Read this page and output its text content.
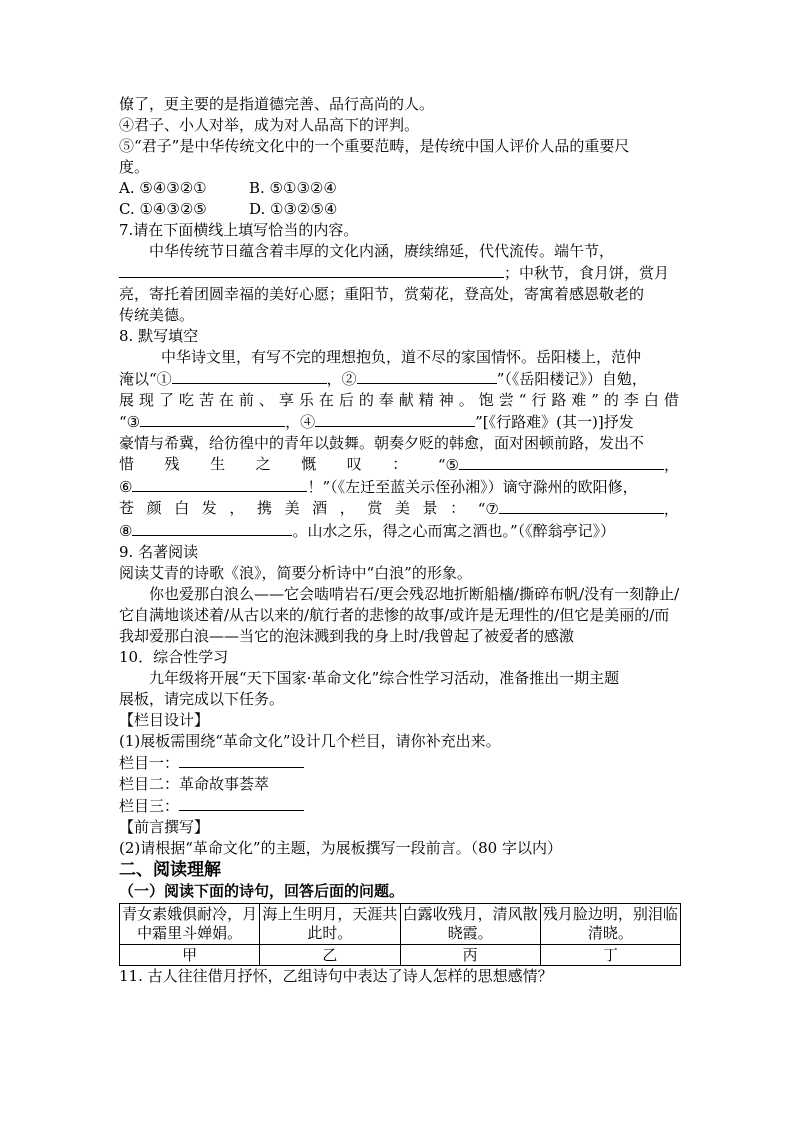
僚了，更主要的是指道德完善、品行高尚的人。
④君子、小人对举，成为对人品高下的评判。
⑤“君子”是中华传统文化中的一个重要范畴，是传统中国人评价人品的重要尺
度。
A. ⑤④③②①	B. ⑤①③②④
C. ①④③②⑤	D. ①③②⑤④
7.请在下面横线上填写恰当的内容。
中华传统节日蕴含着丰厚的文化内涵，赓续绵延，代代流传。端午节，
；中秋节，食月饼，赏月
亮，寄托着团圆幸福的美好心愿；重阳节，赏菊花，登高处，寄寓着感恩敬老的
传统美德。
8. 默写填空
中华诗文里，有写不完的理想抱负，道不尽的家国情怀。岳阳楼上，范仲
淹以“①	，②	”（《岳阳楼记》）自勉，
展 现 了 吃 苦 在 前 、 享 乐 在 后 的 奉 献 精 神 。 饱 尝 “ 行 路 难 ” 的 李 白 借
“③	，④	”[《行路难》(其一)]抒发
豪情与希冀，给彷徨中的青年以鼓舞。朝奏夕贬的韩愈，面对困顿前路，发出不
惜 残 生 之 慨 叹 ： “⑤	，
⑥	！”（《左迁至蓝关示侄孙湘》）谪守滁州的欧阳修，
苍 颜 白 发 ， 携 美 酒 ， 赏 美 景 ： “⑦	，
⑧	。山水之乐，得之心而寓之酒也。”（《醉翁亭记》）
9. 名著阅读
阅读艾青的诗歌《浪》，简要分析诗中“白浪”的形象。
你也爱那白浪么——它会啮啃岩石/更会残忍地折断船檣/撕碎布帆/没有一刻静止/它自满地谈述着/从古以来的/航行者的悲惨的故事/或许是无理性的/但它是美丽的/而我却爱那白浪——当它的泡沫溅到我的身上时/我曾起了被爱者的感激
10．综合性学习
九年级将开展“天下国家·革命文化”综合性学习活动，准备推出一期主题
展板，请完成以下任务。
【栏目设计】
(1)展板需围绕“革命文化”设计几个栏目，请你补充出来。
栏目一：
栏目二：革命故事荟萃
栏目三：
【前言撰写】
(2)请根据“革命文化”的主题，为展板撰写一段前言。（80 字以内）
二、阅读理解
（一）阅读下面的诗句，回答后面的问题。
青女素娥俱耐冷，月中霜里斗婵娟。	海上生明月，天涯共此时。	白露收残月，清风散晓霞。	残月脸边明，别泪临清晓。
甲	乙	丙	丁
11. 古人往往借月抒怀，乙组诗句中表达了诗人怎样的思想感情？
